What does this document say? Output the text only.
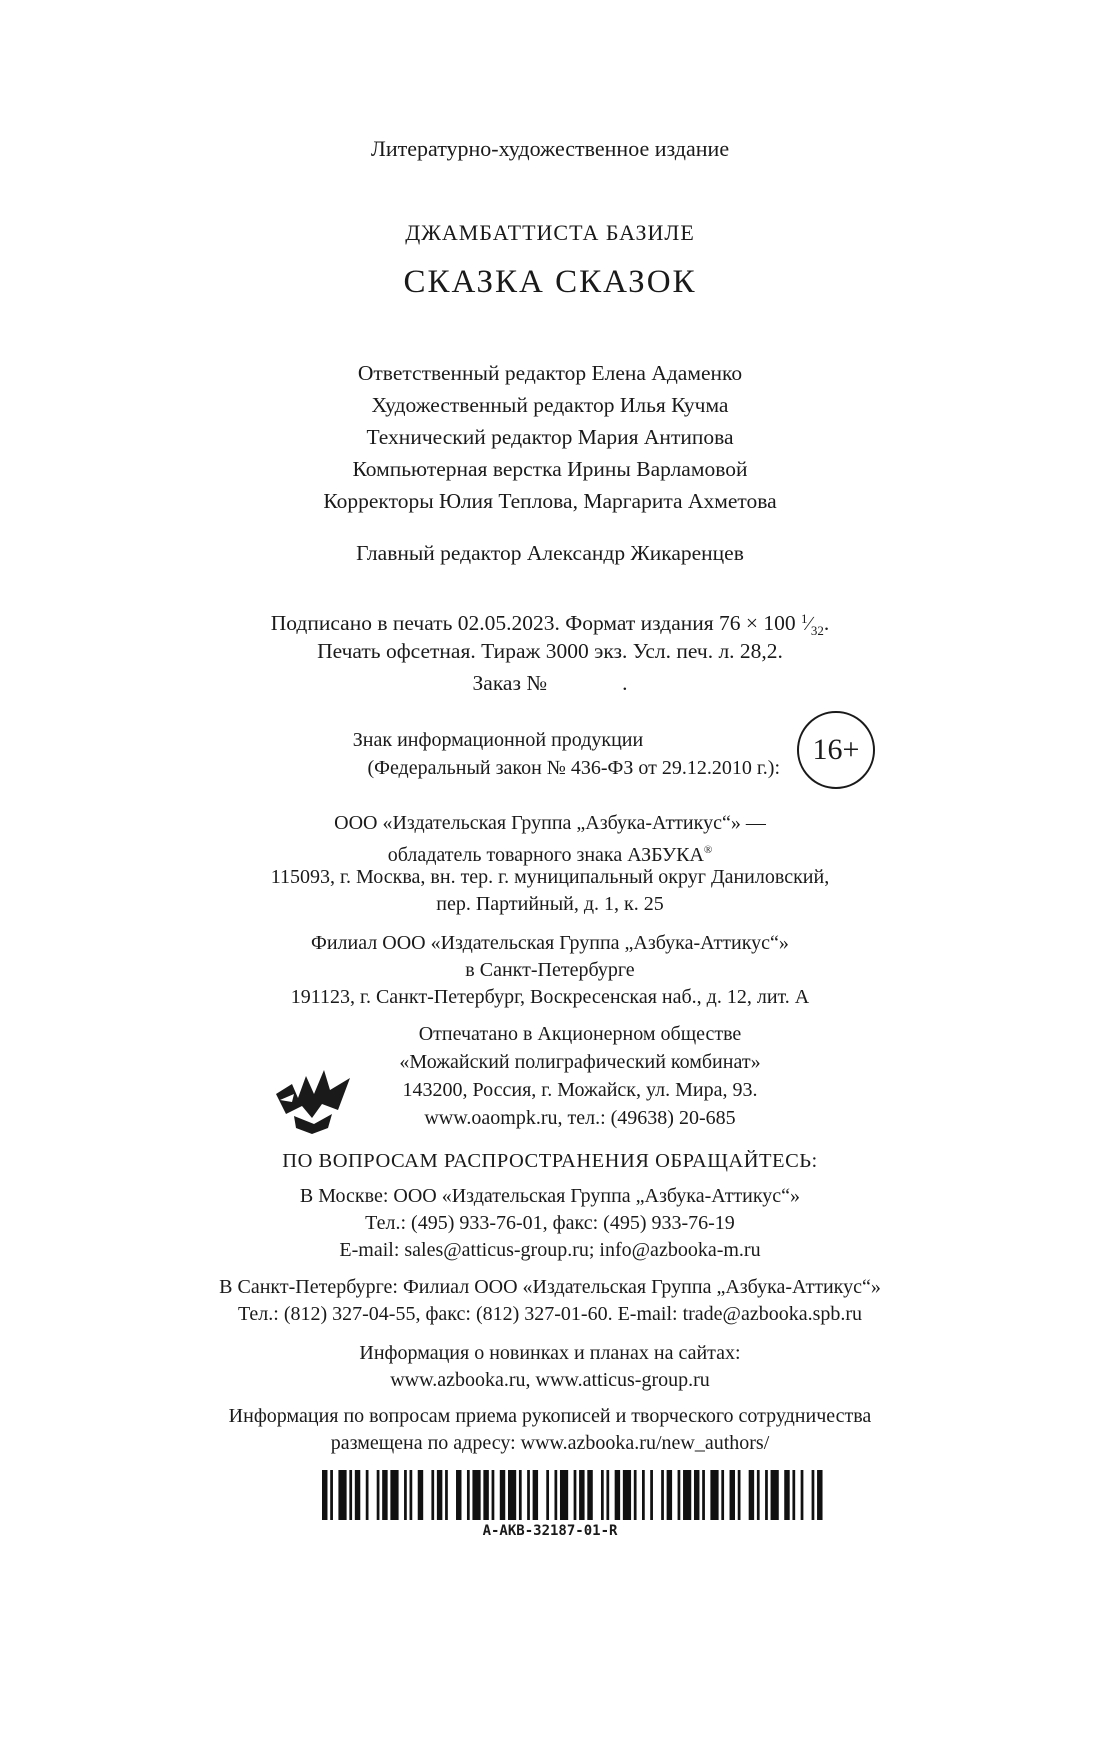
Литературно-художественное издание
ДЖАМБАТТИСТА БАЗИЛЕ
СКАЗКА СКАЗОК
Ответственный редактор Елена Адаменко
Художественный редактор Илья Кучма
Технический редактор Мария Антипова
Компьютерная верстка Ирины Варламовой
Корректоры Юлия Теплова, Маргарита Ахметова
Главный редактор Александр Жикаренцев
Подписано в печать 02.05.2023. Формат издания 76 × 100 $^1∕_{32}$.
Печать офсетная. Тираж 3000 экз. Усл. печ. л. 28,2.
Заказ №              .
Знак информационной продукции
(Федеральный закон № 436-ФЗ от 29.12.2010 г.):
16+
ООО «Издательская Группа „Азбука-Аттикус“» —
обладатель товарного знака АЗБУКА®
115093, г. Москва, вн. тер. г. муниципальный округ Даниловский,
пер. Партийный, д. 1, к. 25
Филиал ООО «Издательская Группа „Азбука-Аттикус“»
в Санкт-Петербурге
191123, г. Санкт-Петербург, Воскресенская наб., д. 12, лит. А
Отпечатано в Акционерном обществе
«Можайский полиграфический комбинат»
143200, Россия, г. Можайск, ул. Мира, 93.
www.oaompk.ru, тел.: (49638) 20-685
ПО ВОПРОСАМ РАСПРОСТРАНЕНИЯ ОБРАЩАЙТЕСЬ:
В Москве: ООО «Издательская Группа „Азбука-Аттикус“»
Тел.: (495) 933-76-01, факс: (495) 933-76-19
E-mail: sales@atticus-group.ru; info@azbooka-m.ru
В Санкт-Петербурге: Филиал ООО «Издательская Группа „Азбука-Аттикус“»
Тел.: (812) 327-04-55, факс: (812) 327-01-60. E-mail: trade@azbooka.spb.ru
Информация о новинках и планах на сайтах:
www.azbooka.ru, www.atticus-group.ru
Информация по вопросам приема рукописей и творческого сотрудничества
размещена по адресу: www.azbooka.ru/new_authors/
A-AKB-32187-01-R
